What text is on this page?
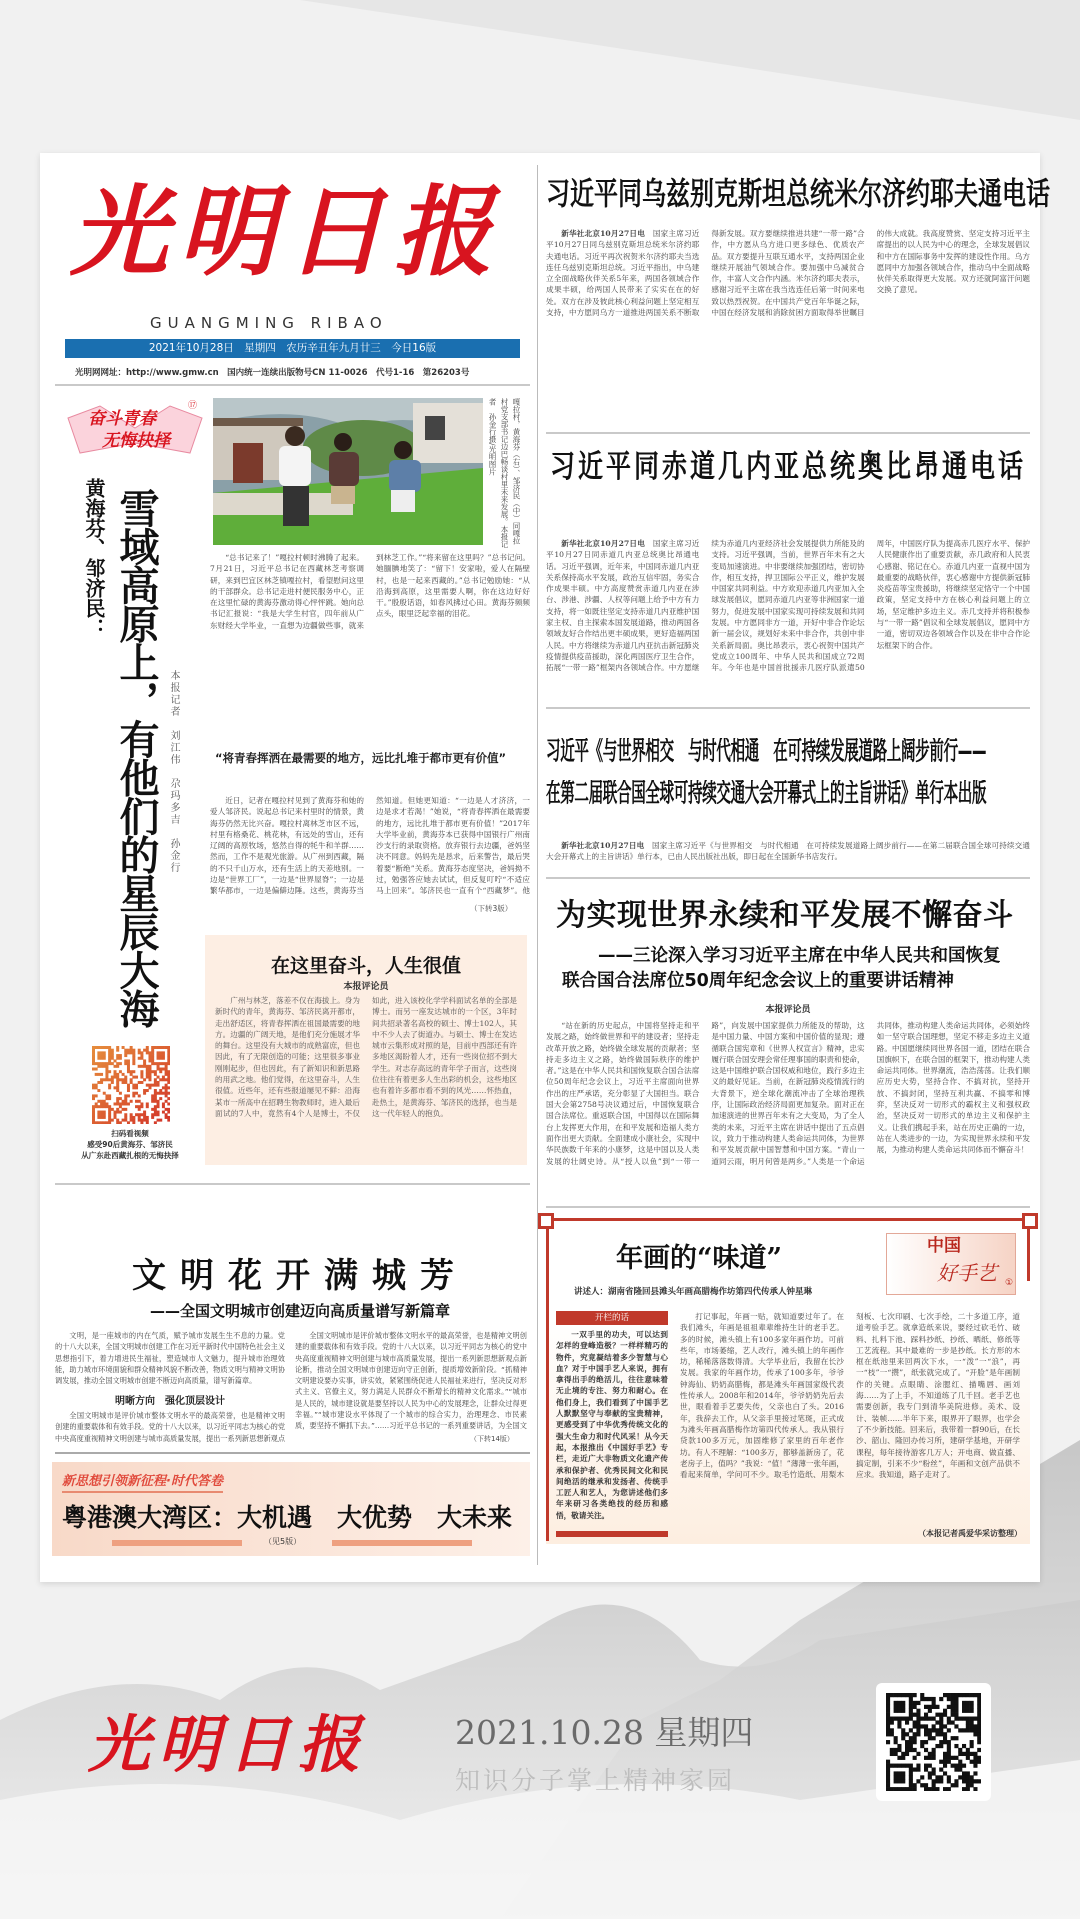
光明日报
GUANGMING RIBAO
2021年10月28日　星期四　农历辛丑年九月廿三　今日16版
光明网网址：http://www.gmw.cn　国内统一连续出版物号CN 11-0026　代号1-16　第26203号
奋斗青春
无悔抉择
⑰
黄海芬、邹济民： 雪域高原上，有他们的星辰大海 本报记者　刘江伟　尕玛多吉　孙金行
嘎拉村，黄海芬（右）、邹济民（中）同嘎拉村党支部书记边巴畅谈村里未来发展。本报记者　孙金行摄/光明图片
“总书记来了！”嘎拉村顿时沸腾了起来。7月21日，习近平总书记在西藏林芝考察调研，来到巴宜区林芝镇嘎拉村，看望慰问这里的干部群众。总书记走进村便民服务中心，正在这里忙碌的黄海芬激动得心怦怦跳。她向总书记汇报说：“我是大学生村官，四年前从广东财经大学毕业，一直想为边疆做些事，就来到林芝工作。”“将来留在这里吗？”总书记问。她腼腆地笑了：“留下！安家啦，爱人在隔壁村，也是一起来西藏的。”总书记勉励她：“从沿海到高原，这里需要人啊，你在这边好好干。”殷殷话语，如春风拂过心田。黄海芬频频点头，眼里泛起幸福的泪花。
“将青春挥洒在最需要的地方，远比扎堆于都市更有价值”
近日，记者在嘎拉村见到了黄海芬和她的爱人邹济民。说起总书记来村里时的情景，黄海芬仍然无比兴奋。嘎拉村离林芝市区不远，村里有格桑花、桃花林，有远处的雪山，还有辽阔的高原牧场，悠然自得的牦牛和羊群……然而，工作不是观光旅游。从广州到西藏，隔的不只千山万水，还有生活上的天差地别。一边是“世界工厂”，一边是“世界屋脊”；一边是繁华都市，一边是偏僻边陲。这些，黄海芬当然知道。但她更知道：“一边是人才济济，一边是求才若渴！”她说，“将青春挥洒在最需要的地方，远比扎堆于都市更有价值！”2017年大学毕业前，黄海芬本已获得中国银行广州南沙支行的录取资格。放弃银行去边疆，爸妈坚决不同意。妈妈先是恳求，后来警告，最后哭着要“断绝”关系。黄海芬态度坚决，爸妈拗不过，勉强答应她去试试，但反复叮咛“不适应马上回来”。邹济民也一直有个“西藏梦”。他
（下转3版）
在这里奋斗，人生很值
本报评论员
广州与林芝，落差不仅在海拔上。身为新时代的青年，黄海芬、邹济民离开都市，走出舒适区，将青春挥洒在祖国最需要的地方。边疆的广阔天地，是他们充分施展才华的舞台。这里没有大城市的成熟富庶，但也因此，有了无限创造的可能；这里很多事业刚刚起步，但也因此，有了新知识和新思路的用武之地。他们觉得，在这里奋斗，人生很值。近些年，还有些报道屡见不鲜：沿海某市一所高中在招聘生物教师时，进入最后面试的7人中，竟然有4个人是博士，不仅如此，进入该校化学学科面试名单的全部是博士。而另一座发达城市的一个区，3年时间共招录著名高校的硕士、博士102人，其中不少人去了街道办。与硕士、博士在发达城市云集形成对照的是，目前中西部还有许多地区渴盼着人才，还有一些岗位招不到大学生。对志存高远的青年学子而言，这些岗位往往有着更多人生出彩的机会，这些地区也有着许多都市看不到的风光……怀热血，赴热土，是黄海芬、邹济民的选择，也当是这一代年轻人的抱负。
扫码看视频
感受90后黄海芬、邹济民
从广东赴西藏扎根的无悔抉择
文明花开满城芳
——全国文明城市创建迈向高质量谱写新篇章
文明，是一座城市的内在气质，赋予城市发展生生不息的力量。党的十八大以来，全国文明城市创建工作在习近平新时代中国特色社会主义思想指引下，着力增进民生福祉，塑造城市人文魅力，提升城市治理效能，助力城市环境面貌和群众精神风貌不断改善，物质文明与精神文明协调发展，推动全国文明城市创建不断迈向高质量，谱写新篇章。
明晰方向　强化顶层设计
全国文明城市是评价城市整体文明水平的最高荣誉，也是精神文明创建的重要载体和有效手段。党的十八大以来，以习近平同志为核心的党中央高度重视精神文明创建与城市高质量发展，提出一系列新思想新观点
全国文明城市是评价城市整体文明水平的最高荣誉，也是精神文明创建的重要载体和有效手段。党的十八大以来，以习近平同志为核心的党中央高度重视精神文明创建与城市高质量发展，提出一系列新思想新观点新论断，推动全国文明城市创建迈向守正创新，提质增效新阶段。“抓精神文明建设要办实事，讲实效，紧紧围绕促进人民福祉来进行，坚决反对形式主义、官僚主义，努力满足人民群众不断增长的精神文化需求。”“城市是人民的，城市建设就是要坚持以人民为中心的发展理念，让群众过得更幸福。”“城市建设水平体现了一个城市的综合实力，治理理念、市民素质，要坚持不懈抓下去。”……习近平总书记的一系列重要讲话，为全国文
（下转14版）
新思想引领新征程·时代答卷
粤港澳大湾区：大机遇　大优势　大未来
（见5版）
习近平同乌兹别克斯坦总统米尔济约耶夫通电话
新华社北京10月27日电　 国家主席习近平10月27日同乌兹别克斯坦总统米尔济约耶夫通电话。习近平再次祝贺米尔济约耶夫当选连任乌兹别克斯坦总统。习近平指出，中乌建立全面战略伙伴关系5年来，两国各领域合作成果丰硕，给两国人民带来了实实在在的好处。双方在涉及彼此核心利益问题上坚定相互支持，中方愿同乌方一道推进两国关系不断取得新发展。双方要继续推进共建“一带一路”合作，中方愿从乌方进口更多绿色、优质农产品。双方要提升互联互通水平，支持两国企业继续开展油气领域合作。要加强中乌减贫合作，丰富人文合作内涵。米尔济约耶夫表示，感谢习近平主席在我当选连任后第一时间来电致以热烈祝贺。在中国共产党百年华诞之际，中国在经济发展和消除贫困方面取得举世瞩目的伟大成就。我高度赞赏、坚定支持习近平主席提出的以人民为中心的理念，全球发展倡议和中方在国际事务中发挥的建设性作用。乌方愿同中方加强各领域合作，推动乌中全面战略伙伴关系取得更大发展。双方还就阿富汗问题交换了意见。
习近平同赤道几内亚总统奥比昂通电话
新华社北京10月27日电　 国家主席习近平10月27日同赤道几内亚总统奥比昂通电话。习近平强调，近年来，中国同赤道几内亚关系保持高水平发展，政治互信牢固，务实合作成果丰硕。中方高度赞赏赤道几内亚在涉台、涉港、涉疆、人权等问题上给予中方有力支持，将一如既往坚定支持赤道几内亚维护国家主权、自主探索本国发展道路，推动两国各领域友好合作结出更丰硕成果，更好造福两国人民。中方将继续为赤道几内亚抗击新冠肺炎疫情提供疫苗援助，深化两国医疗卫生合作，拓展“一带一路”框架内各领域合作。中方愿继续为赤道几内亚经济社会发展提供力所能及的支持。习近平强调，当前，世界百年未有之大变局加速演进。中非要继续加强团结，密切协作，相互支持，捍卫国际公平正义，维护发展中国家共同利益。中方欢迎赤道几内亚加入全球发展倡议，愿同赤道几内亚等非洲国家一道努力，促进发展中国家实现可持续发展和共同发展。中方愿同非方一道，开好中非合作论坛新一届会议，规划好未来中非合作，共创中非关系新局面。奥比昂表示，衷心祝贺中国共产党成立100周年、中华人民共和国成立72周年。今年也是中国首批援赤几医疗队派遣50周年，中国医疗队为提高赤几医疗水平、保护人民健康作出了重要贡献，赤几政府和人民衷心感谢、铭记在心。赤道几内亚一直视中国为最重要的战略伙伴，衷心感谢中方提供新冠肺炎疫苗等宝贵援助，将继续坚定恪守一个中国政策，坚定支持中方在核心利益问题上的立场，坚定维护多边主义。赤几支持并将积极参与“一带一路”倡议和全球发展倡议，愿同中方一道，密切双边各领域合作以及在非中合作论坛框架下的合作。
习近平《与世界相交　与时代相通　在可持续发展道路上阔步前行——
在第二届联合国全球可持续交通大会开幕式上的主旨讲话》单行本出版
新华社北京10月27日电　 国家主席习近平《与世界相交　与时代相通　在可持续发展道路上阔步前行——在第二届联合国全球可持续交通大会开幕式上的主旨讲话》单行本，已由人民出版社出版，即日起在全国新华书店发行。
为实现世界永续和平发展不懈奋斗
——三论深入学习习近平主席在中华人民共和国恢复
联合国合法席位50周年纪念会议上的重要讲话精神
本报评论员
“站在新的历史起点，中国将坚持走和平发展之路，始终做世界和平的建设者；坚持走改革开放之路，始终做全球发展的贡献者；坚持走多边主义之路，始终做国际秩序的维护者。”这是在中华人民共和国恢复联合国合法席位50周年纪念会议上，习近平主席面向世界作出的庄严承诺，充分彰显了大国担当。联合国大会第2758号决议通过后，中国恢复联合国合法席位。重返联合国，中国得以在国际舞台上发挥更大作用，在和平发展和造福人类方面作出更大贡献。全面建成小康社会，实现中华民族数千年来的小康梦，这是中国以及人类发展的壮阔史诗。从“授人以鱼”到“一带一路”，向发展中国家提供力所能及的帮助，这是中国力量、中国方案和中国价值的显现；遵循联合国宪章和《世界人权宣言》精神，忠实履行联合国安理会常任理事国的职责和使命，这是中国维护联合国权威和地位，践行多边主义的最好见证。当前，在新冠肺炎疫情流行的大背景下，逆全球化潮流冲击了全球治理秩序，让国际政治经济局面更加复杂。面对正在加速演进的世界百年未有之大变局，为了全人类的未来，习近平主席在讲话中提出了五点倡议，致力于推动构建人类命运共同体，为世界和平发展贡献中国智慧和中国方案。“青山一道同云雨，明月何曾是两乡。”人类是一个命运共同体，推动构建人类命运共同体，必须始终如一坚守联合国理想，坚定不移走多边主义道路。中国愿继续同世界各国一道，团结在联合国旗帜下，在联合国的框架下，推动构建人类命运共同体。世界潮流，浩浩荡荡。让我们顺应历史大势，坚持合作、不搞对抗，坚持开放、不搞封闭，坚持互利共赢、不搞零和博弈，坚决反对一切形式的霸权主义和强权政治，坚决反对一切形式的单边主义和保护主义。让我们携起手来，站在历史正确的一边，站在人类进步的一边，为实现世界永续和平发展，为推动构建人类命运共同体而不懈奋斗！
年画的“味道”
讲述人：湖南省隆回县滩头年画高腊梅作坊第四代传承人钟星琳
中国
好手艺 ①
开栏的话
一双手里的功夫，可以达到怎样的登峰造极？一样样精巧的物件，究竟凝结着多少智慧与心血？对于中国手艺人来说，拥有拿得出手的绝活儿，往往意味着无止境的专注、努力和耐心。在他们身上，我们看到了中国手艺人默默坚守与奉献的宝贵精神，更感受到了中华优秀传统文化的强大生命力和时代风采！从今天起，本报推出《中国好手艺》专栏，走近广大非物质文化遗产传承和保护者、优秀民间文化和民间绝活的继承和发扬者、传统手工匠人和艺人，为您讲述他们多年来研习各类绝技的经历和感悟，敬请关注。
打记事起，年画一贴，就知道要过年了。在我们滩头，年画是祖祖辈辈维持生计的老手艺。多的时候，滩头镇上有100多家年画作坊。可前些年，市场萎缩，艺人改行，滩头镇上的年画作坊，稀稀落落数得清。大学毕业后，我留在长沙发展。我家的年画作坊，传承了100多年，爷爷钟海仙、奶奶高腊梅，都是滩头年画国家级代表性传承人。2008年和2014年，爷爷奶奶先后去世，眼看着手艺要失传，父亲也白了头。2016年，我辞去工作，从父亲手里接过笔斑，正式成为滩头年画高腊梅作坊第四代传承人。我从银行贷款100多万元，加固维修了家里的百年老作坊。有人不理解：“100多万，都够盖新房了，花老房子上，值吗？”我说：“值！”薄薄一张年画，看起来简单，学问可不少。取毛竹造纸、用梨木刻板、七次印刷、七次手绘，二十多道工序，道道考验手艺。就拿造纸来说，要经过砍毛竹、破料、扎料下池、踩料抄纸、抄纸、晒纸、修纸等工艺流程。其中最难的一步是抄纸。长方形的木框在纸池里来回两次下水，一“泼”一“浪”，再一“枝”一“攒”，纸张就完成了。“开脸”是年画制作的关键。点眼睛、涂腮红、描嘴唇、画刘海……为了上手，不知道练了几千回。老手艺也需要创新，我专门到清华美院进修。美术、设计、装帧……半年下来，眼界开了眼界，也学会了不少新技能。回来后，我带着一群90后，在长沙、韶山、隆回办传习所，建研学基地，开研学课程，每年接待游客几万人；开电商、做直播、搞定制，引来不少“粉丝”，年画和文创产品供不应求。我知道，路子走对了。
（本报记者禹爱华采访整理）
光明日报	2021.10.28 星期四
知识分子掌上精神家园
